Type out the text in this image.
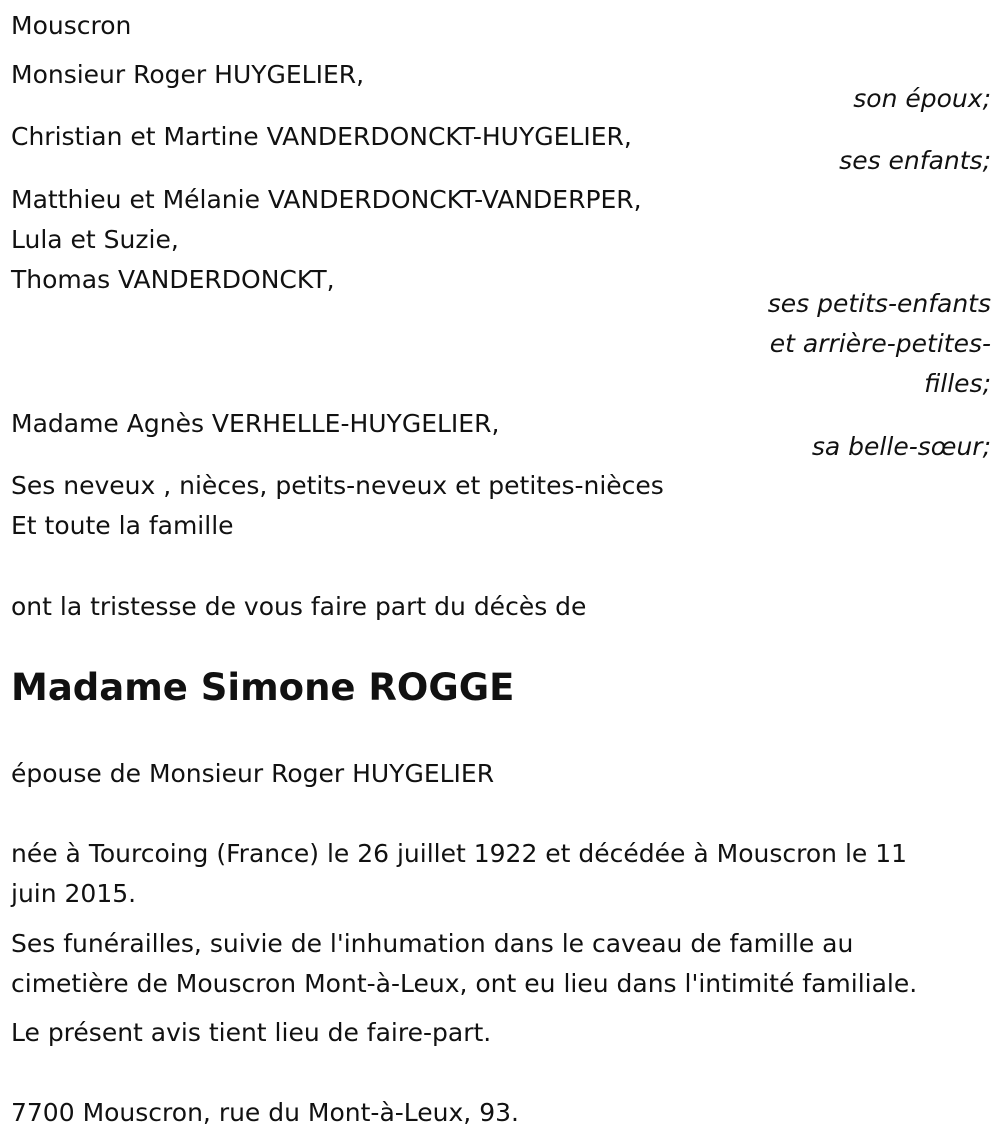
Mouscron
Monsieur Roger HUYGELIER,
son époux;
Christian et Martine VANDERDONCKT-HUYGELIER,
ses enfants;
Matthieu et Mélanie VANDERDONCKT-VANDERPER,
Lula et Suzie,
Thomas VANDERDONCKT,
ses petits-enfants
et arrière-petites-
filles;
Madame Agnès VERHELLE-HUYGELIER,
sa belle-sœur;
Ses neveux , nièces, petits-neveux et petites-nièces
Et toute la famille
ont la tristesse de vous faire part du décès de
Madame Simone ROGGE
épouse de Monsieur Roger HUYGELIER
née à Tourcoing (France) le 26 juillet 1922 et décédée à Mouscron le 11
juin 2015.
Ses funérailles, suivie de l'inhumation dans le caveau de famille au
cimetière de Mouscron Mont-à-Leux, ont eu lieu dans l'intimité familiale.
Le présent avis tient lieu de faire-part.
7700 Mouscron, rue du Mont-à-Leux, 93.
